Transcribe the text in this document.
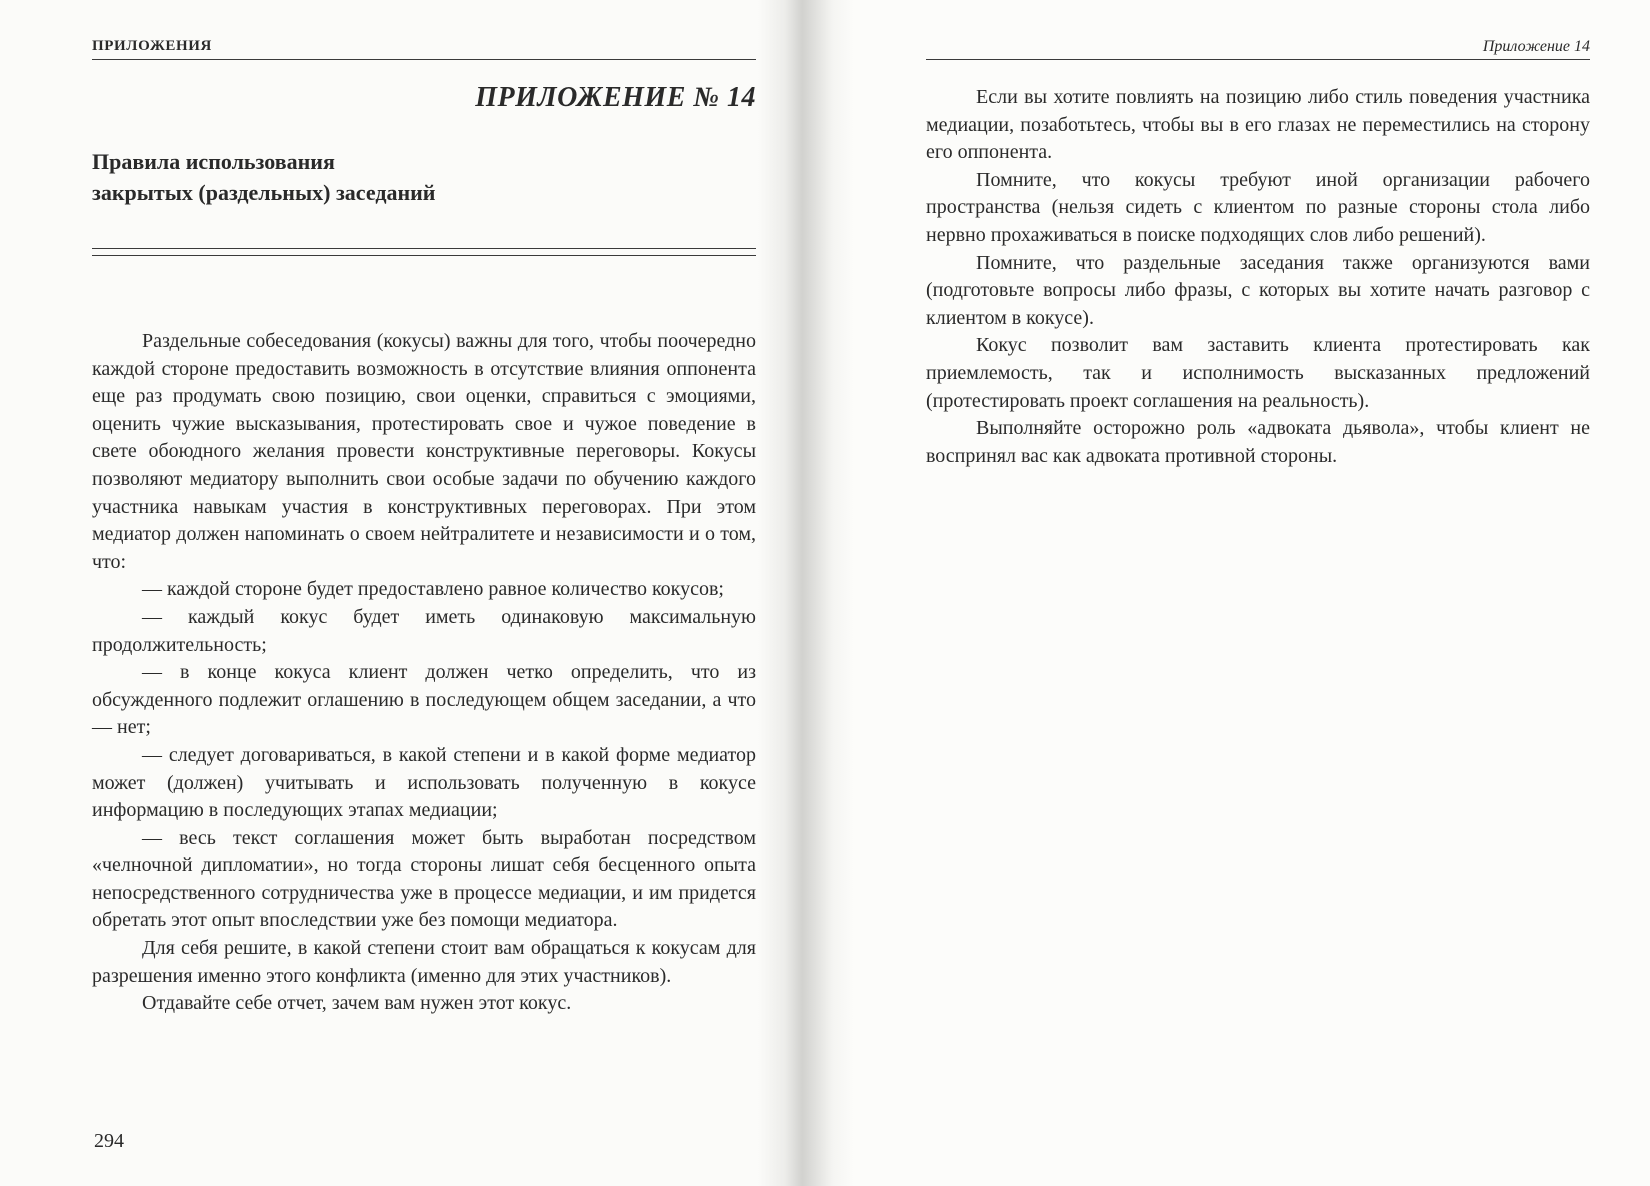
ПРИЛОЖЕНИЯ
ПРИЛОЖЕНИЕ № 14
Правила использования
закрытых (раздельных) заседаний

Раздельные собеседования (кокусы) важны для того, чтобы поочередно каждой стороне предоставить возможность в отсутствие влияния оппонента еще раз продумать свою позицию, свои оценки, справиться с эмоциями, оценить чужие высказывания, протестировать свое и чужое поведение в свете обоюдного желания провести конструктивные переговоры. Кокусы позволяют медиатору выполнить свои особые задачи по обучению каждого участника навыкам участия в конструктивных переговорах. При этом медиатор должен напоминать о своем нейтралитете и независимости и о том, что:

— каждой стороне будет предоставлено равное количество кокусов;

— каждый кокус будет иметь одинаковую максимальную продолжительность;

— в конце кокуса клиент должен четко определить, что из обсужденного подлежит оглашению в последующем общем заседании, а что — нет;

— следует договариваться, в какой степени и в какой форме медиатор может (должен) учитывать и использовать полученную в кокусе информацию в последующих этапах медиации;

— весь текст соглашения может быть выработан посредством «челночной дипломатии», но тогда стороны лишат себя бесценного опыта непосредственного сотрудничества уже в процессе медиации, и им придется обретать этот опыт впоследствии уже без помощи медиатора.

Для себя решите, в какой степени стоит вам обращаться к кокусам для разрешения именно этого конфликта (именно для этих участников).

Отдавайте себе отчет, зачем вам нужен этот кокус.

294
Приложение 14

Если вы хотите повлиять на позицию либо стиль поведения участника медиации, позаботьтесь, чтобы вы в его глазах не переместились на сторону его оппонента.

Помните, что кокусы требуют иной организации рабочего пространства (нельзя сидеть с клиентом по разные стороны стола либо нервно прохаживаться в поиске подходящих слов либо решений).

Помните, что раздельные заседания также организуются вами (подготовьте вопросы либо фразы, с которых вы хотите начать разговор с клиентом в кокусе).

Кокус позволит вам заставить клиента протестировать как приемлемость, так и исполнимость высказанных предложений (протестировать проект соглашения на реальность).

Выполняйте осторожно роль «адвоката дьявола», чтобы клиент не воспринял вас как адвоката противной стороны.
